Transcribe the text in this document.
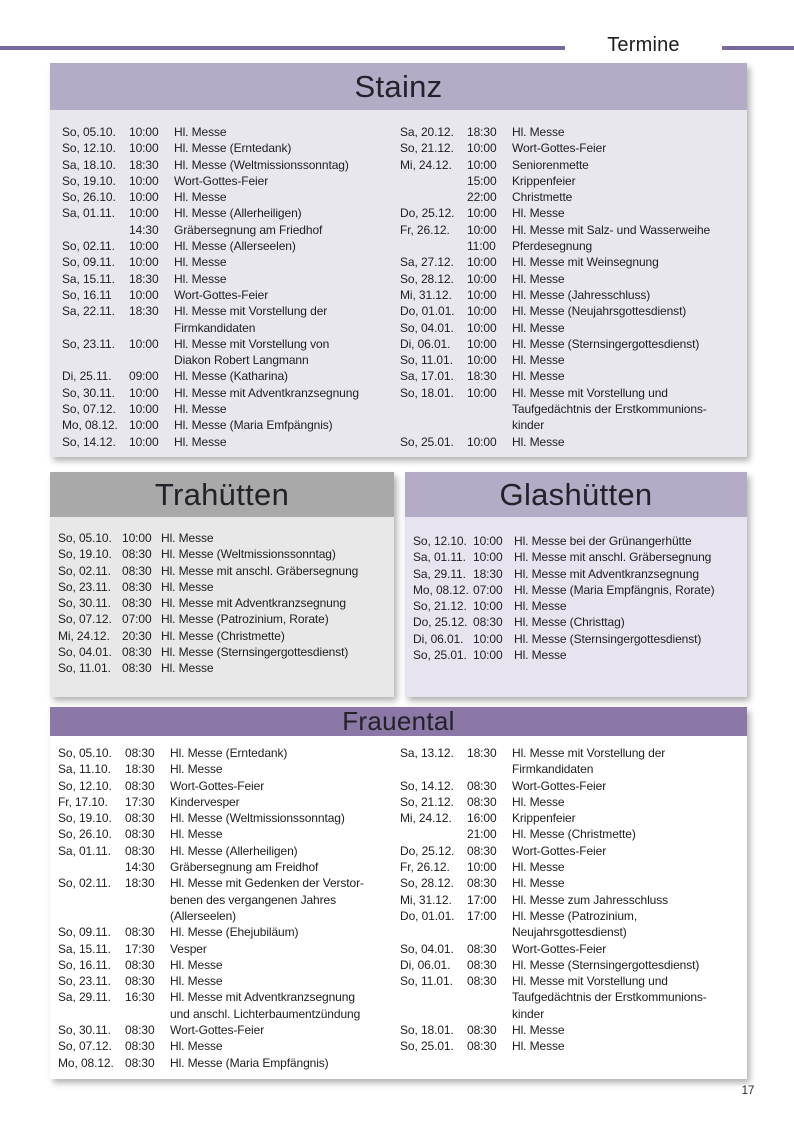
Termine
Stainz
So, 05.10.	10:00	Hl. Messe
So, 12.10.	10:00	Hl. Messe (Erntedank)
Sa, 18.10.	18:30	Hl. Messe (Weltmissionssonntag)
So, 19.10.	10:00	Wort-Gottes-Feier
So, 26.10.	10:00	Hl. Messe
Sa, 01.11.	10:00	Hl. Messe (Allerheiligen)
14:30	Gräbersegnung am Friedhof
So, 02.11.	10:00	Hl. Messe (Allerseelen)
So, 09.11.	10:00	Hl. Messe
Sa, 15.11.	18:30	Hl. Messe
So, 16.11	10:00	Wort-Gottes-Feier
Sa, 22.11.	18:30	Hl. Messe mit Vorstellung der
Firmkandidaten
So, 23.11.	10:00	Hl. Messe mit Vorstellung von
Diakon Robert Langmann
Di, 25.11.	09:00	Hl. Messe (Katharina)
So, 30.11.	10:00	Hl. Messe mit Adventkranzsegnung
So, 07.12.	10:00	Hl. Messe
Mo, 08.12. 10:00	Hl. Messe (Maria Emfpängnis)
So, 14.12.	10:00	Hl. Messe
Sa, 20.12.	18:30	Hl. Messe
So, 21.12.	10:00	Wort-Gottes-Feier
Mi, 24.12.	10:00	Seniorenmette
15:00	Krippenfeier
22:00	Christmette
Do, 25.12.	10:00	Hl. Messe
Fr, 26.12.	10:00	Hl. Messe mit Salz- und Wasserweihe
11:00	Pferdesegnung
Sa, 27.12.	10:00	Hl. Messe mit Weinsegnung
So, 28.12.	10:00	Hl. Messe
Mi, 31.12.	10:00	Hl. Messe (Jahresschluss)
Do, 01.01.	10:00	Hl. Messe (Neujahrsgottesdienst)
So, 04.01.	10:00	Hl. Messe
Di, 06.01.	10:00	Hl. Messe (Sternsingergottesdienst)
So, 11.01.	10:00	Hl. Messe
Sa, 17.01.	18:30	Hl. Messe
So, 18.01.	10:00	Hl. Messe mit Vorstellung und
Taufgedächtnis der Erstkommunions-
kinder
So, 25.01.	10:00	Hl. Messe
Trahütten
So, 05.10. 10:00 Hl. Messe
So, 19.10. 08:30 Hl. Messe (Weltmissionssonntag)
So, 02.11. 08:30 Hl. Messe mit anschl. Gräbersegnung
So, 23.11. 08:30 Hl. Messe
So, 30.11. 08:30 Hl. Messe mit Adventkranzsegnung
So, 07.12. 07:00 Hl. Messe (Patrozinium, Rorate)
Mi, 24.12.	20:30 Hl. Messe (Christmette)
So, 04.01. 08:30 Hl. Messe (Sternsingergottesdienst)
So, 11.01. 08:30 Hl. Messe
Glashütten
So, 12.10. 10:00 Hl. Messe bei der Grünangerhütte
Sa, 01.11. 10:00 Hl. Messe mit anschl. Gräbersegnung
Sa, 29.11. 18:30 Hl. Messe mit Adventkranzsegnung
Mo, 08.12. 07:00 Hl. Messe (Maria Empfängnis, Rorate)
So, 21.12. 10:00 Hl. Messe
Do, 25.12. 08:30 Hl. Messe (Christtag)
Di, 06.01. 10:00 Hl. Messe (Sternsingergottesdienst)
So, 25.01. 10:00 Hl. Messe
Frauental
So, 05.10.	08:30	Hl. Messe (Erntedank)
Sa, 11.10.	18:30	Hl. Messe
So, 12.10.	08:30	Wort-Gottes-Feier
Fr, 17.10.	17:30	Kindervesper
So, 19.10.	08:30	Hl. Messe (Weltmissionssonntag)
So, 26.10.	08:30	Hl. Messe
Sa, 01.11.	08:30	Hl. Messe (Allerheiligen)
14:30	Gräbersegnung am Freidhof
So, 02.11.	18:30	Hl. Messe mit Gedenken der Verstor-
benen des vergangenen Jahres
(Allerseelen)
So, 09.11.	08:30	Hl. Messe (Ehejubiläum)
Sa, 15.11.	17:30	Vesper
So, 16.11.	08:30	Hl. Messe
So, 23.11.	08:30	Hl. Messe
Sa, 29.11.	16:30	Hl. Messe mit Adventkranzsegnung
und anschl. Lichterbaumentzündung
So, 30.11.	08:30	Wort-Gottes-Feier
So, 07.12.	08:30	Hl. Messe
Mo, 08.12. 08:30	Hl. Messe (Maria Empfängnis)
Sa, 13.12.	18:30	Hl. Messe mit Vorstellung der
Firmkandidaten
So, 14.12.	08:30	Wort-Gottes-Feier
So, 21.12.	08:30	Hl. Messe
Mi, 24.12.	16:00	Krippenfeier
21:00	Hl. Messe (Christmette)
Do, 25.12.	08:30	Wort-Gottes-Feier
Fr, 26.12.	10:00	Hl. Messe
So, 28.12.	08:30	Hl. Messe
Mi, 31.12.	17:00	Hl. Messe zum Jahresschluss
Do, 01.01.	17:00	Hl. Messe (Patrozinium,
Neujahrsgottesdienst)
So, 04.01.	08:30	Wort-Gottes-Feier
Di, 06.01.	08:30	Hl. Messe (Sternsingergottesdienst)
So, 11.01.	08:30	Hl. Messe mit Vorstellung und
Taufgedächtnis der Erstkommunions-
kinder
So, 18.01.	08:30	Hl. Messe
So, 25.01.	08:30	Hl. Messe
17
